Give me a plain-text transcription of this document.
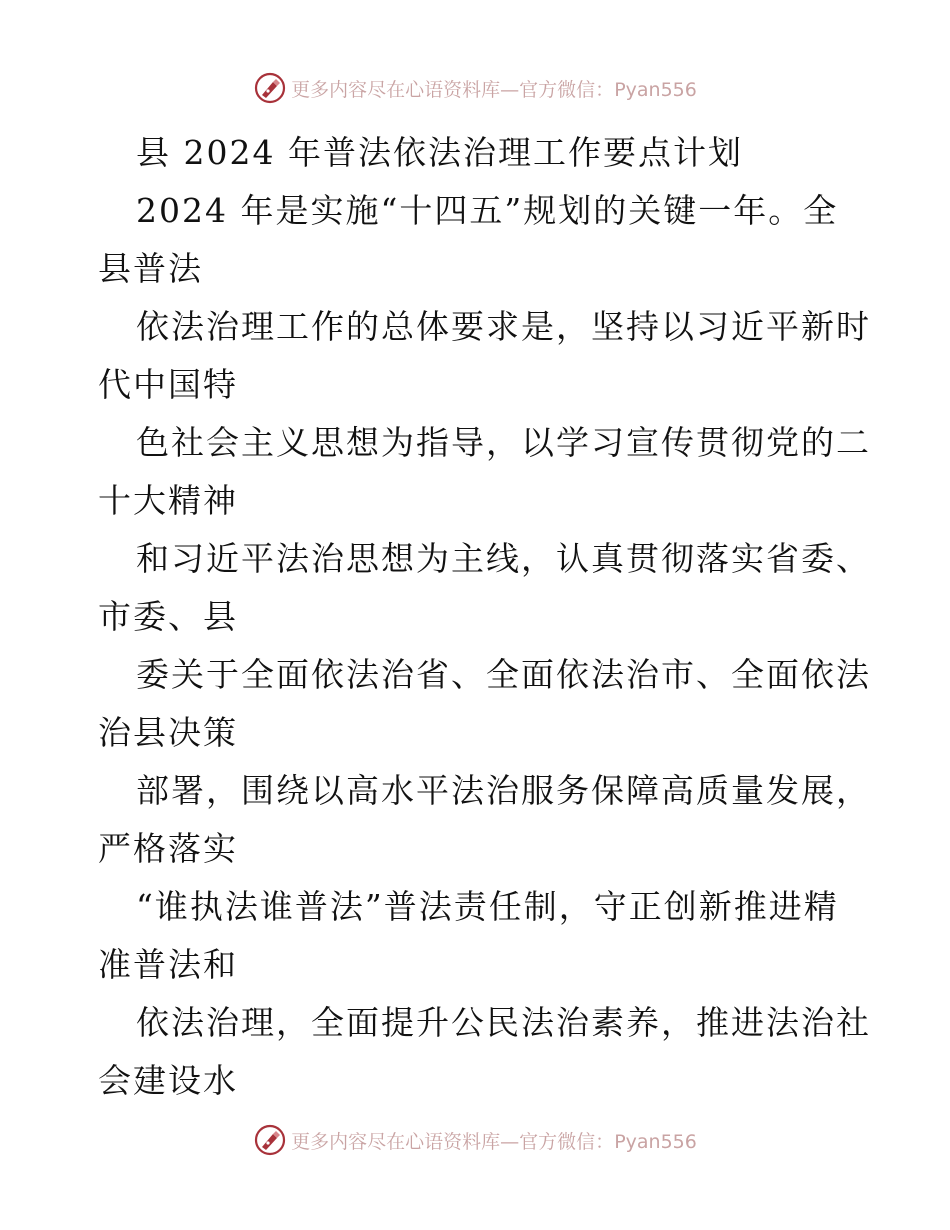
更多内容尽在心语资料库—官方微信：Pyan556
县 2024 年普法依法治理工作要点计划
2024 年是实施“十四五”规划的关键一年。全
县普法
依法治理工作的总体要求是，坚持以习近平新时
代中国特
色社会主义思想为指导，以学习宣传贯彻党的二
十大精神
和习近平法治思想为主线，认真贯彻落实省委、
市委、县
委关于全面依法治省、全面依法治市、全面依法
治县决策
部署，围绕以高水平法治服务保障高质量发展，
严格落实
“谁执法谁普法”普法责任制，守正创新推进精
准普法和
依法治理，全面提升公民法治素养，推进法治社
会建设水
更多内容尽在心语资料库—官方微信：Pyan556
